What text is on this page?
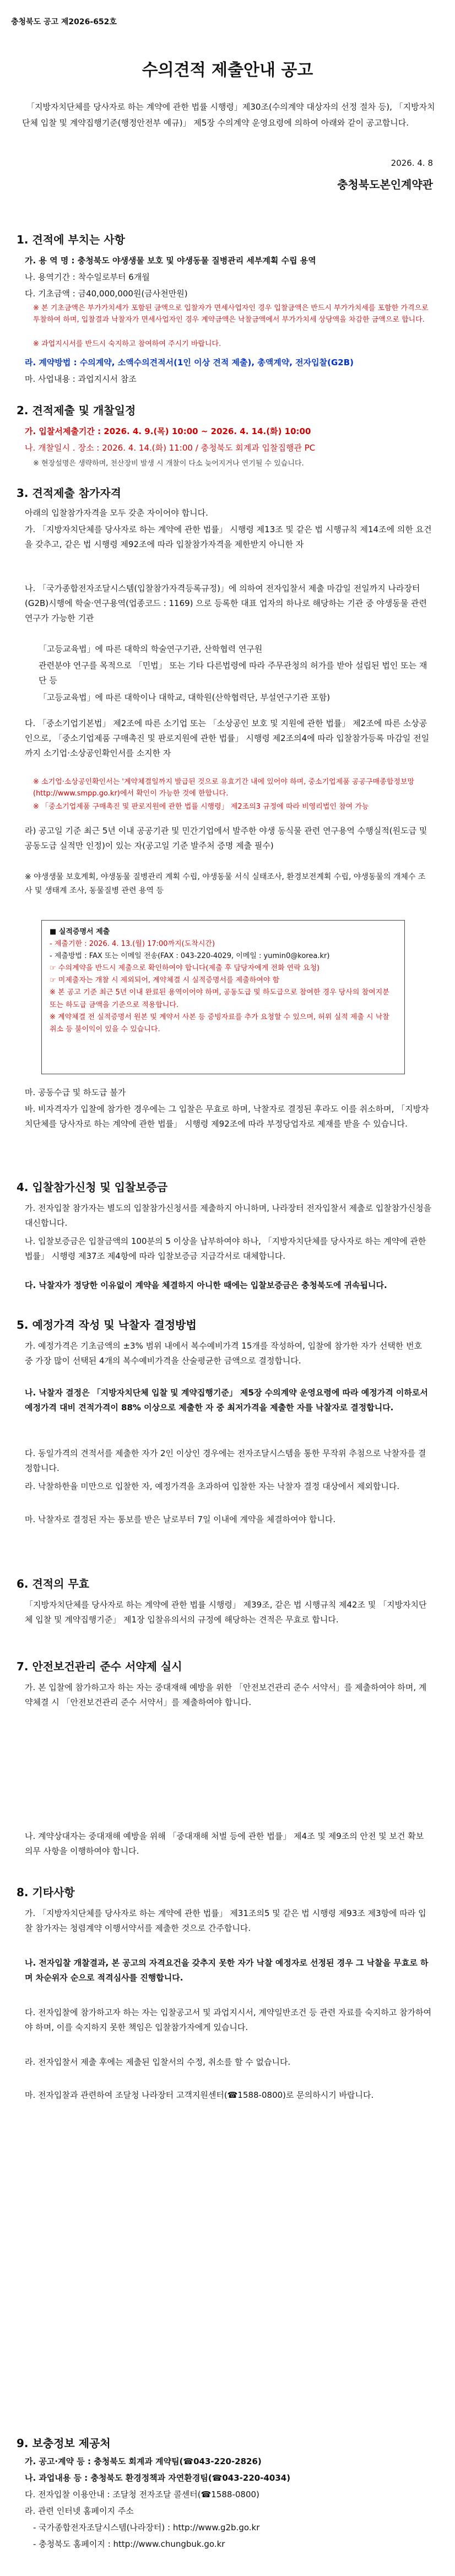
충청북도 공고 제2026-652호
수의견적 제출안내 공고
「지방자치단체를 당사자로 하는 계약에 관한 법률 시행령」제30조(수의계약 대상자의 선정 절차 등), 「지방자치단체 입찰 및 계약집행기준(행정안전부 예규)」 제5장 수의계약 운영요령에 의하여 아래와 같이 공고합니다.
2026. 4. 8
충청북도본인계약관
1. 견적에 부치는 사항

가. 용 역 명 : 충청북도 야생생물 보호 및 야생동물 질병관리 세부계획 수립 용역

나. 용역기간 : 착수일로부터 6개월

다. 기초금액 : 금40,000,000원(금사천만원)

※ 본 기초금액은 부가가치세가 포함된 금액으로 입찰자가 면세사업자인 경우 입찰금액은 반드시 부가가치세를 포함한 가격으로 투찰하여 하며, 입찰결과 낙찰자가 면세사업자인 경우 계약금액은 낙찰금액에서 부가가치세 상당액을 차감한 금액으로 합니다.
※ 과업지시서를 반드시 숙지하고 참여하여 주시기 바랍니다.

라. 계약방법 : 수의계약, 소액수의견적서(1인 이상 견적 제출), 총액계약, 전자입찰(G2B)

마. 사업내용 : 과업지시서 참조

2. 견적제출 및 개찰일정

가. 입찰서제출기간 : 2026. 4. 9.(목) 10:00 ~ 2026. 4. 14.(화) 10:00

나. 개찰일시 ․ 장소 : 2026. 4. 14.(화) 11:00 / 충청북도 회계과 입찰집행관 PC

※ 현장설명은 생략하며, 천산장비 발생 시 개찰이 다소 늦어지거나 연기될 수 있습니다.
3. 견적제출 참가자격

아래의 입찰참가자격을 모두 갖춘 자이어야 합니다.

가. 「지방자치단체를 당사자로 하는 계약에 관한 법률」 시행령 제13조 및 같은 법 시행규칙 제14조에 의한 요건을 갖추고, 같은 법 시행령 제92조에 따라 입찰참가자격을 제한받지 아니한 자

나. 「국가종합전자조달시스템(입찰참가자격등록규정)」에 의하여 전자입찰서 제출 마감일 전일까지 나라장터(G2B)시행에 학술·연구용역(업종코드 : 1169) 으로 등록한 대표 업자의 하나로 해당하는 기관 중 야생동물 관련 연구가 가능한 기관

「고등교육법」에 따른 대학의 학술연구기관, 산학협력 연구원

관련분야 연구를 목적으로 「민법」 또는 기타 다른법령에 따라 주무관청의 허가를 받아 설립된 법인 또는 재단 등

「고등교육법」에 따른 대학이나 대학교, 대학원(산학협력단, 부설연구기관 포함)

다. 「중소기업기본법」 제2조에 따른 소기업 또는 「소상공인 보호 및 지원에 관한 법률」 제2조에 따른 소상공인으로, 「중소기업제품 구매촉진 및 판로지원에 관한 법률」 시행령 제2조의4에 따라 입찰참가등록 마감일 전일까지 소기업·소상공인확인서를 소지한 자

※ 소기업·소상공인확인서는 '계약체결일까지 발급된 것으로 유효기간 내에 있어야 하며, 중소기업제품 공공구매종합정보망(http://www.smpp.go.kr)에서 확인이 가능한 것에 한합니다.
※ 「중소기업제품 구매촉진 및 판로지원에 관한 법률 시행령」 제2조의3 규정에 따라 비영리법인 참여 가능

라) 공고일 기준 최근 5년 이내 공공기관 및 민간기업에서 발주한 야생 동식물 관련 연구용역 수행실적(원도급 및 공동도급 실적만 인정)이 있는 자(공고일 기준 발주처 증명 제출 필수)

※ 야생생물 보호계획, 야생동물 질병관리 계획 수립, 야생동물 서식 실태조사, 환경보전계획 수립, 야생동물의 개체수 조사 및 생태계 조사, 동물질병 관련 용역 등

■ 실적증명서 제출
- 제출기한 : 2026. 4. 13.(월) 17:00까지(도착시간)
- 제출방법 : FAX 또는 이메일 전송(FAX : 043-220-4029, 이메일 : yumin0@korea.kr)
☞ 수의계약을 반드시 제출으로 확인하여야 합니다(제출 후 담당자에게 전화 연락 요청)
☞ 미제출자는 개찰 시 제외되어, 계약체결 시 실적증명서를 제출하여야 함
※ 본 공고 기준 최근 5년 이내 완료된 용역이어야 하며, 공동도급 및 하도급으로 참여한 경우 당사의 참여지분 또는 하도급 금액을 기준으로 적용합니다.
※ 계약체결 전 실적증명서 원본 및 계약서 사본 등 증빙자료를 추가 요청할 수 있으며, 허위 실적 제출 시 낙찰 취소 등 불이익이 있을 수 있습니다.

마. 공동수급 및 하도급 불가

바. 비자격자가 입찰에 참가한 경우에는 그 입찰은 무효로 하며, 낙찰자로 결정된 후라도 이를 취소하며, 「지방자치단체를 당사자로 하는 계약에 관한 법률」 시행령 제92조에 따라 부정당업자로 제재를 받을 수 있습니다.

4. 입찰참가신청 및 입찰보증금

가. 전자입찰 참가자는 별도의 입찰참가신청서를 제출하지 아니하며, 나라장터 전자입찰서 제출로 입찰참가신청을 대신합니다.

나. 입찰보증금은 입찰금액의 100분의 5 이상을 납부하여야 하나, 「지방자치단체를 당사자로 하는 계약에 관한 법률」 시행령 제37조 제4항에 따라 입찰보증금 지급각서로 대체합니다.

다. 낙찰자가 정당한 이유없이 계약을 체결하지 아니한 때에는 입찰보증금은 충청북도에 귀속됩니다.

5. 예정가격 작성 및 낙찰자 결정방법

가. 예정가격은 기초금액의 ±3% 범위 내에서 복수예비가격 15개를 작성하여, 입찰에 참가한 자가 선택한 번호 중 가장 많이 선택된 4개의 복수예비가격을 산술평균한 금액으로 결정합니다.

나. 낙찰자 결정은 「지방자치단체 입찰 및 계약집행기준」 제5장 수의계약 운영요령에 따라 예정가격 이하로서 예정가격 대비 견적가격이 88% 이상으로 제출한 자 중 최저가격을 제출한 자를 낙찰자로 결정합니다.

다. 동일가격의 견적서를 제출한 자가 2인 이상인 경우에는 전자조달시스템을 통한 무작위 추첨으로 낙찰자를 결정합니다.

라. 낙찰하한율 미만으로 입찰한 자, 예정가격을 초과하여 입찰한 자는 낙찰자 결정 대상에서 제외합니다.

마. 낙찰자로 결정된 자는 통보를 받은 날로부터 7일 이내에 계약을 체결하여야 합니다.

6. 견적의 무효

「지방자치단체를 당사자로 하는 계약에 관한 법률 시행령」 제39조, 같은 법 시행규칙 제42조 및 「지방자치단체 입찰 및 계약집행기준」 제1장 입찰유의서의 규정에 해당하는 견적은 무효로 합니다.

7. 안전보건관리 준수 서약제 실시

가. 본 입찰에 참가하고자 하는 자는 중대재해 예방을 위한 「안전보건관리 준수 서약서」를 제출하여야 하며, 계약체결 시 「안전보건관리 준수 서약서」를 제출하여야 합니다.

나. 계약상대자는 중대재해 예방을 위해 「중대재해 처벌 등에 관한 법률」 제4조 및 제9조의 안전 및 보건 확보 의무 사항을 이행하여야 합니다.

8. 기타사항

가. 「지방자치단체를 당사자로 하는 계약에 관한 법률」 제31조의5 및 같은 법 시행령 제93조 제3항에 따라 입찰 참가자는 청렴계약 이행서약서를 제출한 것으로 간주합니다.

나. 전자입찰 개찰결과, 본 공고의 자격요건을 갖추지 못한 자가 낙찰 예정자로 선정된 경우 그 낙찰을 무효로 하며 차순위자 순으로 적격심사를 진행합니다.

다. 전자입찰에 참가하고자 하는 자는 입찰공고서 및 과업지시서, 계약일반조건 등 관련 자료를 숙지하고 참가하여야 하며, 이를 숙지하지 못한 책임은 입찰참가자에게 있습니다.

라. 전자입찰서 제출 후에는 제출된 입찰서의 수정, 취소를 할 수 없습니다.

마. 전자입찰과 관련하여 조달청 나라장터 고객지원센터(☎1588-0800)로 문의하시기 바랍니다.

9. 보충정보 제공처

가. 공고·계약 등 : 충청북도 회계과 계약팀(☎043-220-2826)

나. 과업내용 등 : 충청북도 환경정책과 자연환경팀(☎043-220-4034)

다. 전자입찰 이용안내 : 조달청 전자조달 콜센터(☎1588-0800)

라. 관련 인터넷 홈페이지 주소

- 국가종합전자조달시스템(나라장터) : http://www.g2b.go.kr

- 충청북도 홈페이지 : http://www.chungbuk.go.kr
